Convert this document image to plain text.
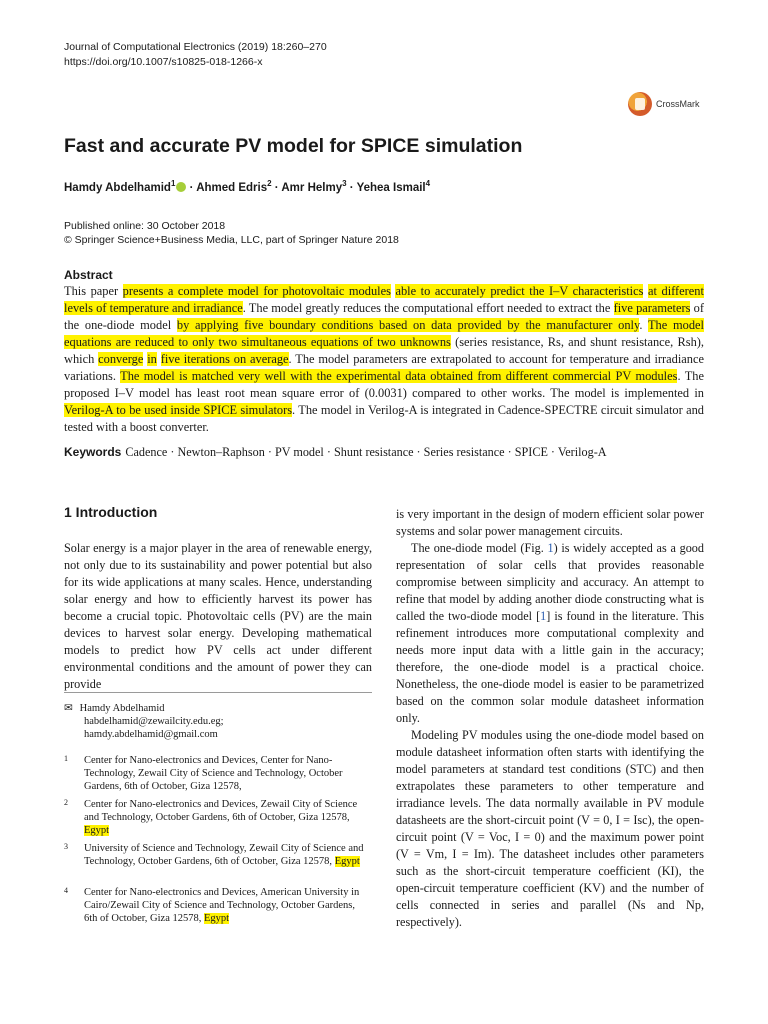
Journal of Computational Electronics (2019) 18:260–270
https://doi.org/10.1007/s10825-018-1266-x
CrossMark
Fast and accurate PV model for SPICE simulation
Hamdy Abdelhamid$^1$ · Ahmed Edris$^2$ · Amr Helmy$^3$ · Yehea Ismail$^4$
Published online: 30 October 2018
© Springer Science+Business Media, LLC, part of Springer Nature 2018
Abstract
This paper presents a complete model for photovoltaic modules able to accurately predict the I–V characteristics at different levels of temperature and irradiance. The model greatly reduces the computational effort needed to extract the five parameters of the one-diode model by applying five boundary conditions based on data provided by the manufacturer only. The model equations are reduced to only two simultaneous equations of two unknowns (series resistance, Rs, and shunt resistance, Rsh), which converge in five iterations on average. The model parameters are extrapolated to account for temperature and irradiance variations. The model is matched very well with the experimental data obtained from different commercial PV modules. The proposed I–V model has least root mean square error of (0.0031) compared to other works. The model is implemented in Verilog-A to be used inside SPICE simulators. The model in Verilog-A is integrated in Cadence-SPECTRE circuit simulator and tested with a boost converter.
Keywords Cadence · Newton–Raphson · PV model · Shunt resistance · Series resistance · SPICE · Verilog-A
1 Introduction

Solar energy is a major player in the area of renewable energy, not only due to its sustainability and power potential but also for its wide applications at many scales. Hence, understanding solar energy and how to efficiently harvest its power has become a crucial topic. Photovoltaic cells (PV) are the main devices to harvest solar energy. Developing mathematical models to predict how PV cells act under different environmental conditions and the amount of power they can provide

✉ Hamdy Abdelhamid
habdelhamid@zewailcity.edu.eg;
hamdy.abdelhamid@gmail.com
1 Center for Nano-electronics and Devices, Center for Nano-Technology, Zewail City of Science and Technology, October Gardens, 6th of October, Giza 12578,
2 Center for Nano-electronics and Devices, Zewail City of Science and Technology, October Gardens, 6th of October, Giza 12578, Egypt
3 University of Science and Technology, Zewail City of Science and Technology, October Gardens, 6th of October, Giza 12578, Egypt
4 Center for Nano-electronics and Devices, American University in Cairo/Zewail City of Science and Technology, October Gardens, 6th of October, Giza 12578, Egypt

is very important in the design of modern efficient solar power systems and solar power management circuits.

The one-diode model (Fig. 1) is widely accepted as a good representation of solar cells that provides reasonable compromise between simplicity and accuracy. An attempt to refine that model by adding another diode constructing what is called the two-diode model [1] is found in the literature. This refinement introduces more computational complexity and needs more input data with a little gain in the accuracy; therefore, the one-diode model is a practical choice. Nonetheless, the one-diode model is easier to be parametrized based on the common solar module datasheet information only.

Modeling PV modules using the one-diode model based on module datasheet information often starts with identifying the model parameters at standard test conditions (STC) and then extrapolates these parameters to other temperature and irradiance levels. The data normally available in PV module datasheets are the short-circuit point (V = 0, I = Isc), the open-circuit point (V = Voc, I = 0) and the maximum power point (V = Vm, I = Im). The datasheet includes other parameters such as the short-circuit temperature coefficient (KI), the open-circuit temperature coefficient (KV) and the number of cells connected in series and parallel (Ns and Np, respectively).
